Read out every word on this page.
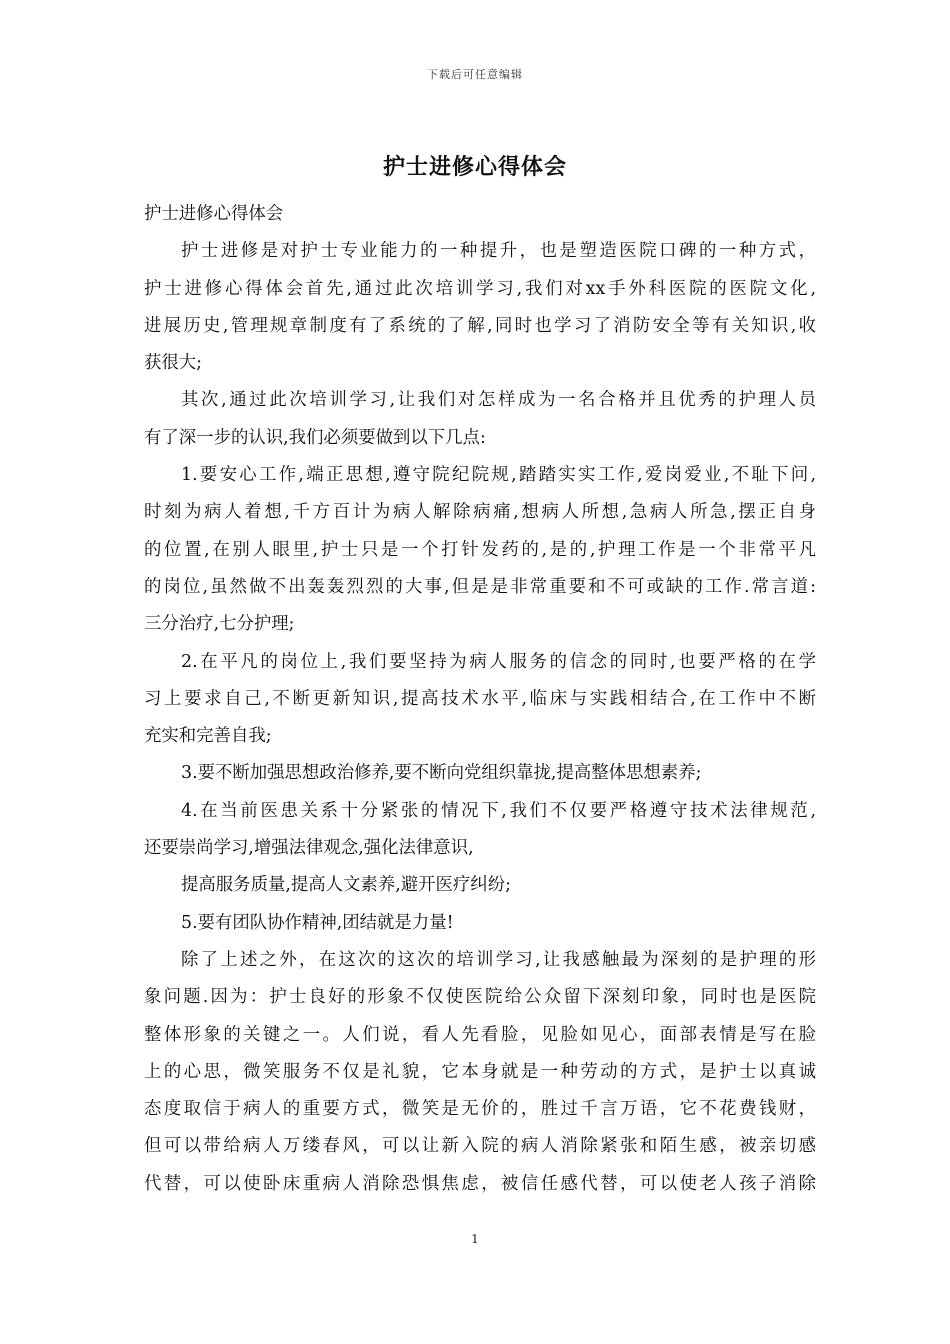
下载后可任意编辑
护士进修心得体会
护士进修心得体会
护士进修是对护士专业能力的一种提升，也是塑造医院口碑的一种方式，
护士进修心得体会首先,通过此次培训学习,我们对xx手外科医院的医院文化,
进展历史,管理规章制度有了系统的了解,同时也学习了消防安全等有关知识,收
获很大;
其次,通过此次培训学习,让我们对怎样成为一名合格并且优秀的护理人员
有了深一步的认识,我们必须要做到以下几点:
1.要安心工作,端正思想,遵守院纪院规,踏踏实实工作,爱岗爱业,不耻下问,
时刻为病人着想,千方百计为病人解除病痛,想病人所想,急病人所急,摆正自身
的位置,在别人眼里,护士只是一个打针发药的,是的,护理工作是一个非常平凡
的岗位,虽然做不出轰轰烈烈的大事,但是是非常重要和不可或缺的工作.常言道:
三分治疗,七分护理;
2.在平凡的岗位上,我们要坚持为病人服务的信念的同时,也要严格的在学
习上要求自己,不断更新知识,提高技术水平,临床与实践相结合,在工作中不断
充实和完善自我;
3.要不断加强思想政治修养,要不断向党组织靠拢,提高整体思想素养;
4.在当前医患关系十分紧张的情况下,我们不仅要严格遵守技术法律规范,
还要崇尚学习,增强法律观念,强化法律意识,
提高服务质量,提高人文素养,避开医疗纠纷;
5.要有团队协作精神,团结就是力量!
除了上述之外，在这次的这次的培训学习,让我感触最为深刻的是护理的形
象问题.因为：护士良好的形象不仅使医院给公众留下深刻印象，同时也是医院
整体形象的关键之一。人们说，看人先看脸，见脸如见心，面部表情是写在脸
上的心思，微笑服务不仅是礼貌，它本身就是一种劳动的方式，是护士以真诚
态度取信于病人的重要方式，微笑是无价的，胜过千言万语，它不花费钱财，
但可以带给病人万缕春风，可以让新入院的病人消除紧张和陌生感，被亲切感
代替，可以使卧床重病人消除恐惧焦虑，被信任感代替，可以使老人孩子消除
1
